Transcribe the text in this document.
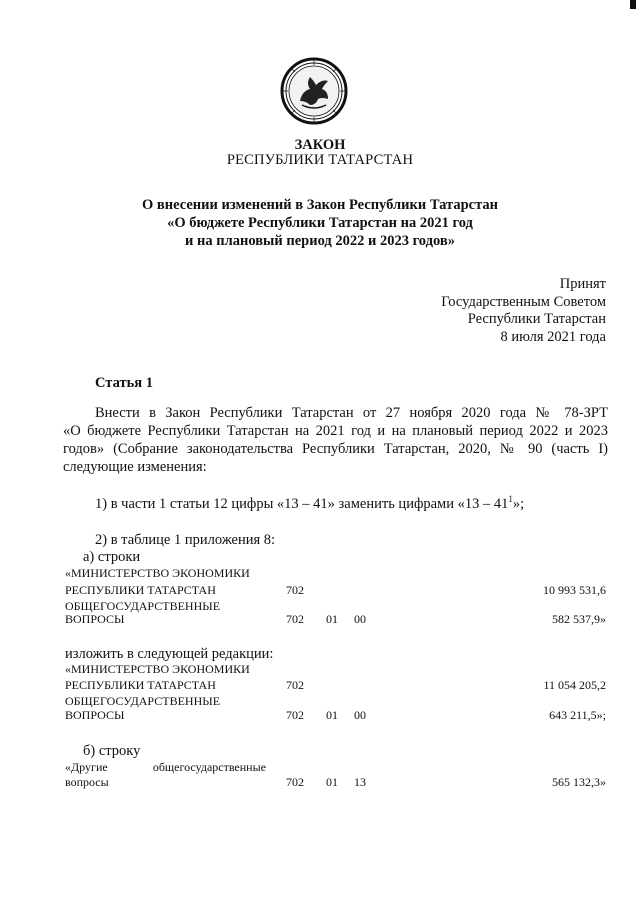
ЗАКОН
РЕСПУБЛИКИ ТАТАРСТАН
О внесении изменений в Закон Республики Татарстан
«О бюджете Республики Татарстан на 2021 год
и на плановый период 2022 и 2023 годов»
Принят
Государственным Советом
Республики Татарстан
8 июля 2021 года
Статья 1
Внести в Закон Республики Татарстан от 27 ноября 2020 года № 78-ЗРТ
«О бюджете Республики Татарстан на 2021 год и на плановый период 2022 и 2023
годов» (Собрание законодательства Республики Татарстан, 2020, № 90 (часть I)
следующие изменения:
1) в части 1 статьи 12 цифры «13 – 41» заменить цифрами «$13 - 41^1$»;
2) в таблице 1 приложения 8:
а) строки
«МИНИСТЕРСТВО ЭКОНОМИКИ
РЕСПУБЛИКИ ТАТАРСТАН	702	10 993 531,6
ОБЩЕГОСУДАРСТВЕННЫЕ
ВОПРОСЫ	702 01 00	582 537,9»
изложить в следующей редакции:
«МИНИСТЕРСТВО ЭКОНОМИКИ
РЕСПУБЛИКИ ТАТАРСТАН	702	11 054 205,2
ОБЩЕГОСУДАРСТВЕННЫЕ
ВОПРОСЫ	702 01 00	643 211,5»;
б) строку
«Другие	общегосударственные
вопросы	702 01 13	565 132,3»
